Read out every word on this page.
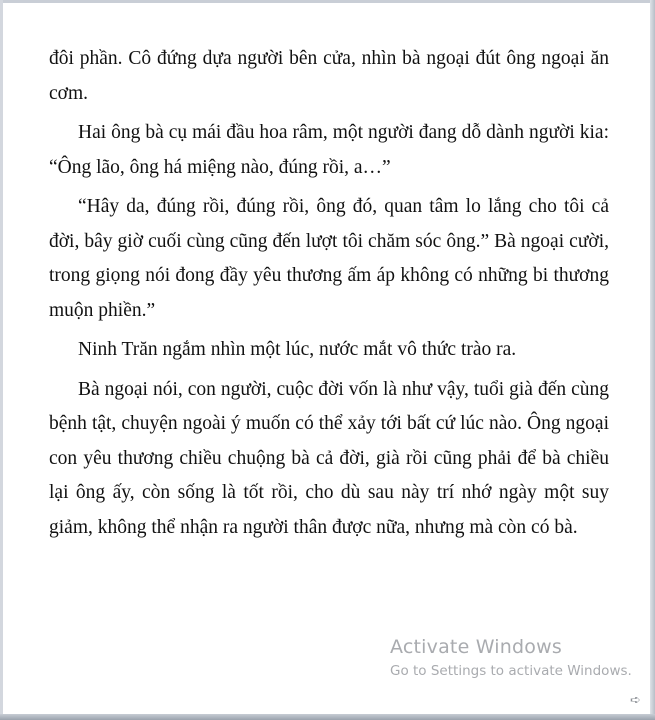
đôi phần. Cô đứng dựa người bên cửa, nhìn bà ngoại đút ông ngoại ăn cơm.

Hai ông bà cụ mái đầu hoa râm, một người đang dỗ dành người kia: “Ông lão, ông há miệng nào, đúng rồi, a…”

“Hây da, đúng rồi, đúng rồi, ông đó, quan tâm lo lắng cho tôi cả đời, bây giờ cuối cùng cũng đến lượt tôi chăm sóc ông.” Bà ngoại cười, trong giọng nói đong đầy yêu thương ấm áp không có những bi thương muộn phiền.”

Ninh Trăn ngắm nhìn một lúc, nước mắt vô thức trào ra.

Bà ngoại nói, con người, cuộc đời vốn là như vậy, tuổi già đến cùng bệnh tật, chuyện ngoài ý muốn có thể xảy tới bất cứ lúc nào. Ông ngoại con yêu thương chiều chuộng bà cả đời, già rồi cũng phải để bà chiều lại ông ấy, còn sống là tốt rồi, cho dù sau này trí nhớ ngày một suy giảm, không thể nhận ra người thân được nữa, nhưng mà còn có bà.

Activate Windows
Go to Settings to activate Windows.
➪
